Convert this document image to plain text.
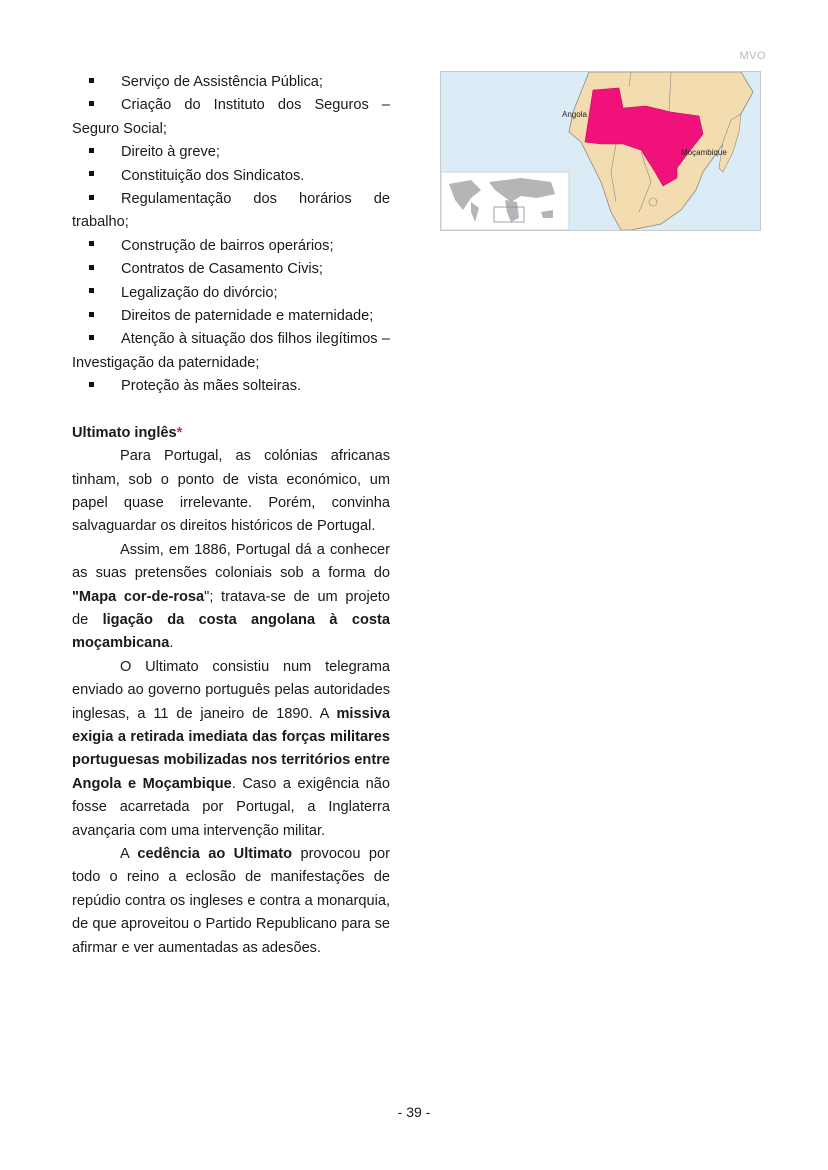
MVO
Serviço de Assistência Pública;
Criação do Instituto dos Seguros – Seguro Social;
Direito à greve;
Constituição dos Sindicatos.
Regulamentação dos horários de trabalho;
Construção de bairros operários;
Contratos de Casamento Civis;
Legalização do divórcio;
Direitos de paternidade e maternidade;
Atenção à situação dos filhos ilegítimos – Investigação da paternidade;
Proteção às mães solteiras.
Ultimato inglês*
Para Portugal, as colónias africanas tinham, sob o ponto de vista económico, um papel quase irrelevante. Porém, convinha salvaguardar os direitos históricos de Portugal.
Assim, em 1886, Portugal dá a conhecer as suas pretensões coloniais sob a forma do "Mapa cor-de-rosa"; tratava-se de um projeto de ligação da costa angolana à costa moçambicana.
O Ultimato consistiu num telegrama enviado ao governo português pelas autoridades inglesas, a 11 de janeiro de 1890. A missiva exigia a retirada imediata das forças militares portuguesas mobilizadas nos territórios entre Angola e Moçambique. Caso a exigência não fosse acarretada por Portugal, a Inglaterra avançaria com uma intervenção militar.
A cedência ao Ultimato provocou por todo o reino a eclosão de manifestações de repúdio contra os ingleses e contra a monarquia, de que aproveitou o Partido Republicano para se afirmar e ver aumentadas as adesões.
Angola
Moçambique
- 39 -
